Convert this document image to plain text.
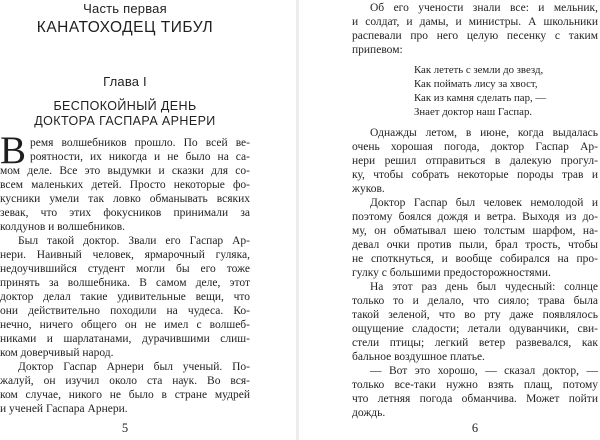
Часть первая
КАНАТОХОДЕЦ ТИБУЛ
Глава I
БЕСПОКОЙНЫЙ ДЕНЬ
ДОКТОРА ГАСПАРА АРНЕРИ
В ремя волшебников прошло. По всей ве-
роятности, их никогда и не было на са-
мом деле. Все это выдумки и сказки для со-
всем маленьких детей. Просто некоторые фо-
кусники умели так ловко обманывать всяких
зевак, что этих фокусников принимали за
колдунов и волшебников.
Был такой доктор. Звали его Гаспар Ар-
нери. Наивный человек, ярмарочный гуляка,
недоучившийся студент могли бы его тоже
принять за волшебника. В самом деле, этот
доктор делал такие удивительные вещи, что
они действительно походили на чудеса. Ко-
нечно, ничего общего он не имел с волшеб-
никами и шарлатанами, дурачившими слиш-
ком доверчивый народ.
Доктор Гаспар Арнери был ученый. По-
жалуй, он изучил около ста наук. Во вся-
ком случае, никого не было в стране мудрей
и ученей Гаспара Арнери.
5
Об его учености знали все: и мельник,
и солдат, и дамы, и министры. А школьники
распевали про него целую песенку с таким
припевом:
Как лететь с земли до звезд,
Как поймать лису за хвост,
Как из камня сделать пар, —
Знает доктор наш Гаспар.
Однажды летом, в июне, когда выдалась
очень хорошая погода, доктор Гаспар Ар-
нери решил отправиться в далекую прогул-
ку, чтобы собрать некоторые породы трав и
жуков.
Доктор Гаспар был человек немолодой и
поэтому боялся дождя и ветра. Выходя из до-
му, он обматывал шею толстым шарфом, на-
девал очки против пыли, брал трость, чтобы
не споткнуться, и вообще собирался на про-
гулку с большими предосторожностями.
На этот раз день был чудесный: солнце
только то и делало, что сияло; трава была
такой зеленой, что во рту даже появлялось
ощущение сладости; летали одуванчики, сви-
стели птицы; легкий ветер развевался, как
бальное воздушное платье.
— Вот это хорошо, — сказал доктор, —
только все-таки нужно взять плащ, потому
что летняя погода обманчива. Может пойти
дождь.
6
